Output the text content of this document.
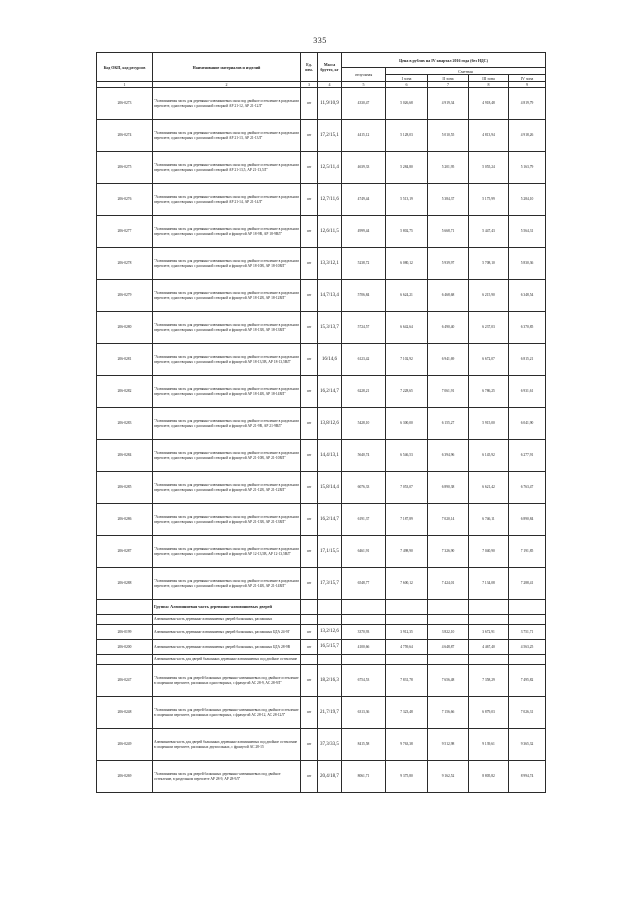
335
Код ОКП, код ресурсов	Наименование материалов и изделий	Ед. изм.	Масса брутто, кг	Цена в рублях на IV квартал 2016 года (без НДС)				
				отпускная	Сметная			
					I зона	II зона	III зона	IV зона
1	2	3	4	5	6	7	8	9
206-0273	"Алюминиевая часть для деревянно-алюминиевых окон под двойное остекление в раздельном переплете, одностворных с распашной створкой АР 21-12, АР 21-12Л"	шт	11,9/10,9	4330,47	5 026,68	4 919,34	4 918,48	4 819,79
206-0274	"Алюминиевая часть для деревянно-алюминиевых окон под двойное остекление в раздельном переплете, одностворных с распашной створкой АР 21-13, АР 21-13Л"	шт	17,2/15,1	4415,12	5 128,03	5 010,55	4 813,94	4 918,26
206-0275	"Алюминиевая часть для деревянно-алюминиевых окон под двойное остекление в раздельном переплете, одностворных с распашной створкой АР 21-13,5, АР 21-13,5Л"	шт	12,5/11,4	4639,33	5 284,80	5 201,95	5 055,24	5 163,79
206-0276	"Алюминиевая часть для деревянно-алюминиевых окон под двойное остекление в раздельном переплете, одностворных с распашной створкой АР 21-14, АР 21-14Л"	шт	12,7/11,6	4749,44	5 513,19	5 384,37	5 175,99	5 284,10
206-0277	"Алюминиевая часть для деревянно-алюминиевых окон под двойное остекление в раздельном переплете, одностворных с распашной створкой и фрамугой АР 18-9В, АР 18-9ВЛ"	шт	12,6/11,5	4999,44	5 802,75	5 668,71	5 447,43	5 564,31
206-0278	"Алюминиевая часть для деревянно-алюминиевых окон под двойное остекление в раздельном переплете, одностворных с распашной створкой и фрамугой АР 18-10В, АР 18-10ВЛ"	шт	13,3/12,1	5238,72	6 080,12	5 939,97	5 708,10	5 830,36
206-0279	"Алюминиевая часть для деревянно-алюминиевых окон под двойное остекление в раздельном переплете, одностворных с распашной створкой и фрамугой АР 18-12В, АР 18-12ВЛ"	шт	14,7/13,4	5706,84	6 624,21	6 468,68	6 215,90	6 348,54
206-0280	"Алюминиевая часть для деревянно-алюминиевых окон под двойное остекление в раздельном переплете, одностворных с распашной створкой и фрамугой АР 18-13В, АР 18-13ВЛ"	шт	15,3/13,7	5724,57	6 642,64	6 490,40	6 237,03	6 370,85
206-0281	"Алюминиевая часть для деревянно-алюминиевых окон под двойное остекление в раздельном переплете, одностворных с распашной створкой и фрамугой АР 18-13,5В, АР 18-13,5ВЛ"	шт	16/14,6	6123,42	7 102,92	6 941,69	6 672,07	6 815,21
206-0282	"Алюминиевая часть для деревянно-алюминиевых окон под двойное остекление в раздельном переплете, одностворных с распашной створкой и фрамугой АР 18-14В, АР 18-14ВЛ"	шт	16,2/14,7	6228,21	7 228,65	7 061,91	6 786,25	6 931,61
206-0283	"Алюминиевая часть для деревянно-алюминиевых окон под двойное остекление в раздельном переплете, одностворных с распашной створкой и фрамугой АР 21-9В, АР 21-9ВЛ"	шт	13,8/12,6	5428,10	6 300,00	6 155,27	5 915,00	6 041,90
206-0284	"Алюминиевая часть для деревянно-алюминиевых окон под двойное остекление в раздельном переплете, одностворных с распашной створкой и фрамугой АР 21-10В, АР 21-10ВЛ"	шт	14,4/13,1	5640,74	6 546,53	6 394,96	6 145,92	6 277,91
206-0285	"Алюминиевая часть для деревянно-алюминиевых окон под двойное остекление в раздельном переплете, одностворных с распашной створкой и фрамугой АР 21-12В, АР 21-12ВЛ"	шт	15,8/14,4	6076,33	7 053,07	6 890,38	6 621,42	6 763,47
206-0286	"Алюминиевая часть для деревянно-алюминиевых окон под двойное остекление в раздельном переплете, одностворных с распашной створкой и фрамугой АР 21-13В, АР 21-13ВЛ"	шт	16,2/14,7	6191,37	7 187,89	7 020,14	6 746,11	6 890,84
206-0287	"Алюминиевая часть для деревянно-алюминиевых окон под двойное остекление в раздельном переплете, одностворных с распашной створкой и фрамугой АР 12-13,5В, АР 12-13,5ВЛ"	шт	17,1/15,5	6461,91	7 498,90	7 326,90	7 040,90	7 191,85
206-0288	"Алюминиевая часть для деревянно-алюминиевых окон под двойное остекление в раздельном переплете, одностворных с распашной створкой и фрамугой АР 21-14В, АР 21-14ВЛ"	шт	17,3/15,7	6548,77	7 600,12	7 424,01	7 134,08	7 288,41
	Группа: Алюминиевая часть деревянно-алюминиевых дверей							
	Алюминиевая часть деревянно-алюминиевых дверей балконных, распашных							
206-0199	Алюминиевая часть деревянно-алюминиевых дверей балконных, распашных БДА 24-9Г	шт	13,2/12,6	3370,93	3 912,35	3 822,10	3 672,91	3 751,71
206-0200	Алюминиевая часть деревянно-алюминиевых дверей балконных, распашных БДА 28-9В	шт	16,5/15,7	4100,66	4 759,64	4 648,87	4 467,40	4 563,25
	Алюминиевая часть для дверей балконных деревянно-алюминиевых под двойное остекление							
206-0247	"Алюминиевая часть для дверей балконных деревянно-алюминиевых под двойное остекление в спаренном переплете, распашных одностворных, с фрамугой АС 28-9, АС 28-9Л"	шт	18,2/16,3	6754,53	7 831,78	7 656,48	7 358,29	7 495,82
206-0248	"Алюминиевая часть для дверей балконных деревянно-алюминиевых под двойное остекление в спаренном переплете, распашных одностворных, с фрамугой АС 28-12, АС 28-12Л"	шт	21,7/19,7	6313,36	7 323,48	7 156,66	6 879,03	7 026,31
206-0249	Алюминиевая часть для дверей балконных деревянно-алюминиевых под двойное остекление в спаренном переплете, распашных двухпольных, с фрамугой АС 28-15	шт	37,3/33,5	8415,58	9 763,38	9 512,98	9 139,61	9 365,32
206-0269	"Алюминиевая часть для дверей балконных деревянно-алюминиевых под двойное остекление, в раздельном переплете АР 28-9, АР 28-9Л"	шт	20,4/18,7	8061,71	9 375,80	9 162,52	8 805,82	8 994,74
